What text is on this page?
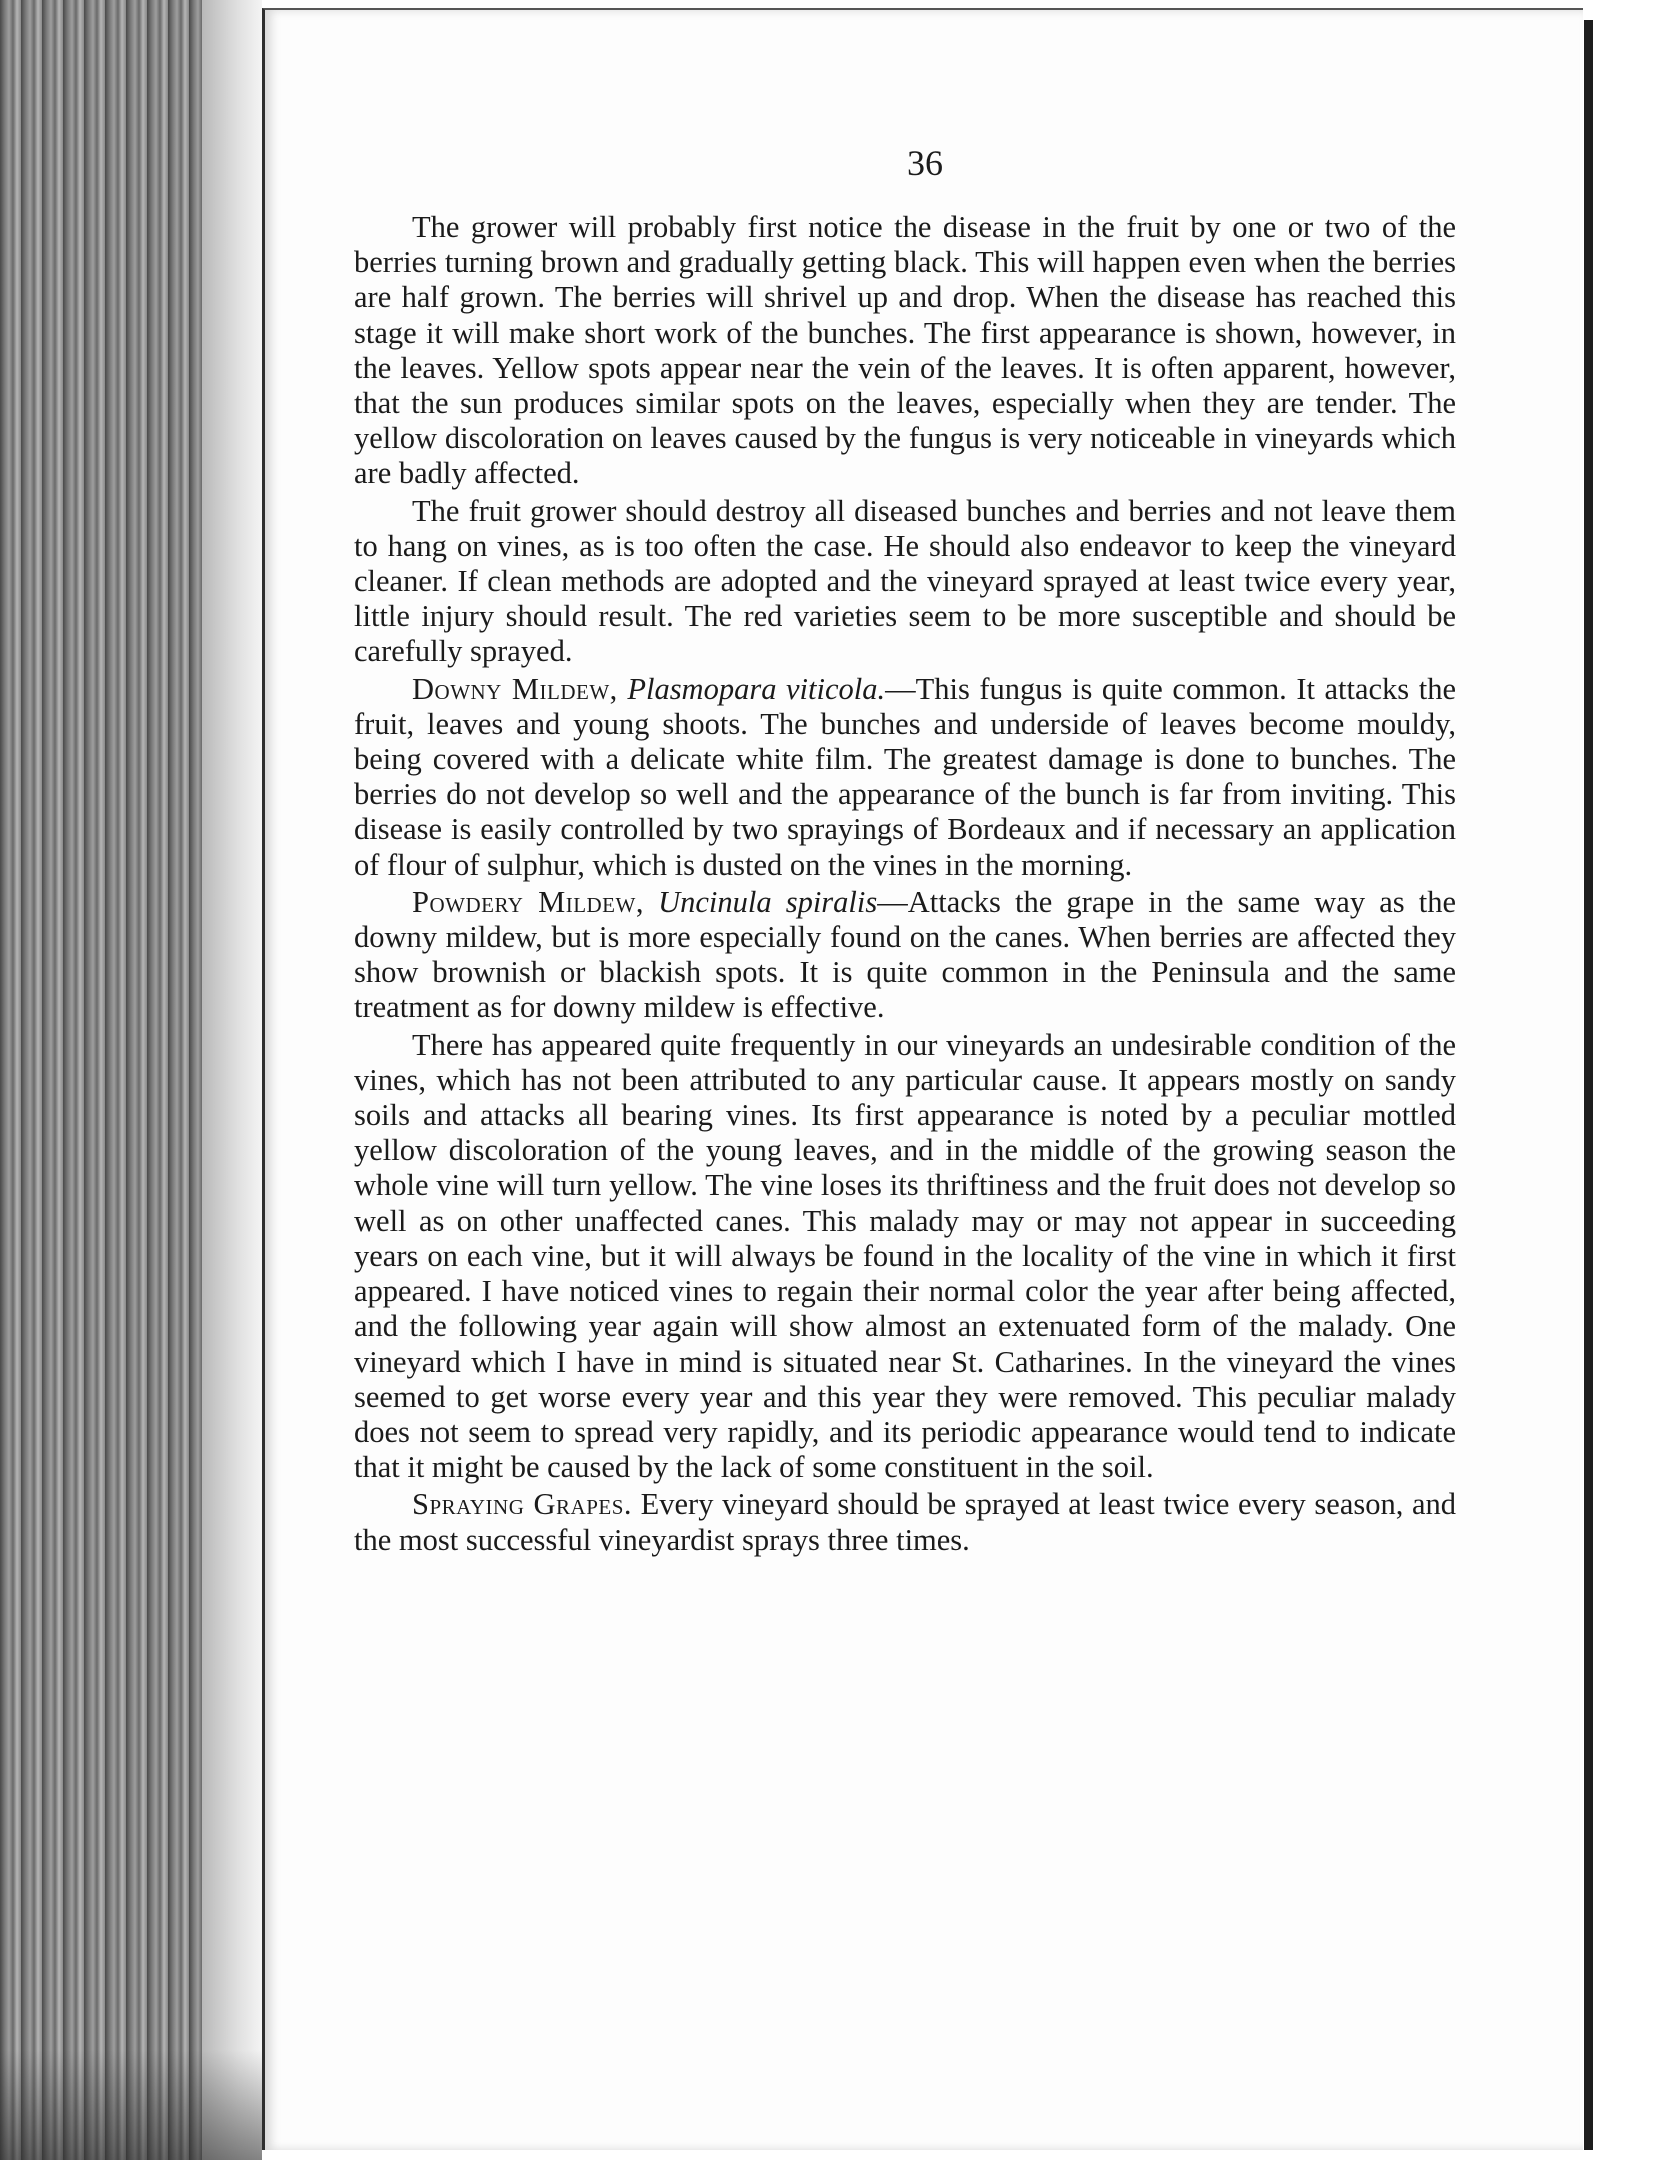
36

The grower will probably first notice the disease in the fruit by one or two of the berries turning brown and gradually getting black. This will happen even when the berries are half grown. The berries will shrivel up and drop. When the disease has reached this stage it will make short work of the bunches. The first appearance is shown, however, in the leaves. Yellow spots appear near the vein of the leaves. It is often apparent, however, that the sun produces similar spots on the leaves, especially when they are tender. The yellow discoloration on leaves caused by the fungus is very noticeable in vineyards which are badly affected.

The fruit grower should destroy all diseased bunches and berries and not leave them to hang on vines, as is too often the case. He should also endeavor to keep the vineyard cleaner. If clean methods are adopted and the vineyard sprayed at least twice every year, little injury should result. The red varieties seem to be more susceptible and should be carefully sprayed.

Downy Mildew, Plasmopara viticola.—This fungus is quite common. It attacks the fruit, leaves and young shoots. The bunches and underside of leaves become mouldy, being covered with a delicate white film. The greatest damage is done to bunches. The berries do not develop so well and the appearance of the bunch is far from inviting. This disease is easily controlled by two sprayings of Bordeaux and if necessary an application of flour of sulphur, which is dusted on the vines in the morning.

Powdery Mildew, Uncinula spiralis—Attacks the grape in the same way as the downy mildew, but is more especially found on the canes. When berries are affected they show brownish or blackish spots. It is quite common in the Peninsula and the same treatment as for downy mildew is effective.

There has appeared quite frequently in our vineyards an undesirable condition of the vines, which has not been attributed to any particular cause. It appears mostly on sandy soils and attacks all bearing vines. Its first appearance is noted by a peculiar mottled yellow discoloration of the young leaves, and in the middle of the growing season the whole vine will turn yellow. The vine loses its thriftiness and the fruit does not develop so well as on other unaffected canes. This malady may or may not appear in succeeding years on each vine, but it will always be found in the locality of the vine in which it first appeared. I have noticed vines to regain their normal color the year after being affected, and the following year again will show almost an extenuated form of the malady. One vineyard which I have in mind is situated near St. Catharines. In the vineyard the vines seemed to get worse every year and this year they were removed. This peculiar malady does not seem to spread very rapidly, and its periodic appearance would tend to indicate that it might be caused by the lack of some constituent in the soil.

Spraying Grapes. Every vineyard should be sprayed at least twice every season, and the most successful vineyardist sprays three times.
